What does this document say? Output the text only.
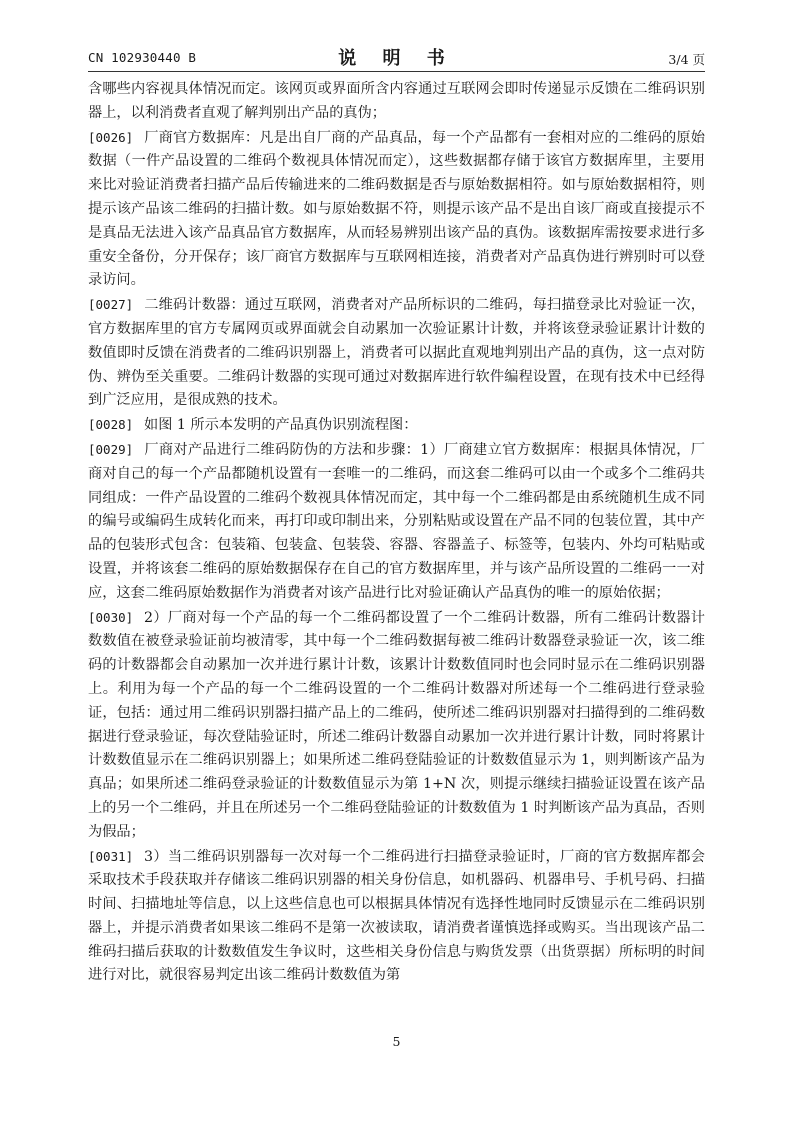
CN 102930440 B	说 明 书	3/4 页

含哪些内容视具体情况而定。该网页或界面所含内容通过互联网会即时传递显示反馈在二维码识别器上，以利消费者直观了解判别出产品的真伪；

[0026] 厂商官方数据库：凡是出自厂商的产品真品，每一个产品都有一套相对应的二维码的原始数据（一件产品设置的二维码个数视具体情况而定），这些数据都存储于该官方数据库里，主要用来比对验证消费者扫描产品后传输进来的二维码数据是否与原始数据相符。如与原始数据相符，则提示该产品该二维码的扫描计数。如与原始数据不符，则提示该产品不是出自该厂商或直接提示不是真品无法进入该产品真品官方数据库，从而轻易辨别出该产品的真伪。该数据库需按要求进行多重安全备份，分开保存；该厂商官方数据库与互联网相连接，消费者对产品真伪进行辨别时可以登录访问。

[0027] 二维码计数器：通过互联网，消费者对产品所标识的二维码，每扫描登录比对验证一次，官方数据库里的官方专属网页或界面就会自动累加一次验证累计计数，并将该登录验证累计计数的数值即时反馈在消费者的二维码识别器上，消费者可以据此直观地判别出产品的真伪，这一点对防伪、辨伪至关重要。二维码计数器的实现可通过对数据库进行软件编程设置，在现有技术中已经得到广泛应用，是很成熟的技术。

[0028] 如图 1 所示本发明的产品真伪识别流程图：

[0029] 厂商对产品进行二维码防伪的方法和步骤：1）厂商建立官方数据库：根据具体情况，厂商对自己的每一个产品都随机设置有一套唯一的二维码，而这套二维码可以由一个或多个二维码共同组成：一件产品设置的二维码个数视具体情况而定，其中每一个二维码都是由系统随机生成不同的编号或编码生成转化而来，再打印或印制出来，分别粘贴或设置在产品不同的包装位置，其中产品的包装形式包含：包装箱、包装盒、包装袋、容器、容器盖子、标签等，包装内、外均可粘贴或设置，并将该套二维码的原始数据保存在自己的官方数据库里，并与该产品所设置的二维码一一对应，这套二维码原始数据作为消费者对该产品进行比对验证确认产品真伪的唯一的原始依据；

[0030] 2）厂商对每一个产品的每一个二维码都设置了一个二维码计数器，所有二维码计数器计数数值在被登录验证前均被清零，其中每一个二维码数据每被二维码计数器登录验证一次，该二维码的计数器都会自动累加一次并进行累计计数，该累计计数数值同时也会同时显示在二维码识别器上。利用为每一个产品的每一个二维码设置的一个二维码计数器对所述每一个二维码进行登录验证，包括：通过用二维码识别器扫描产品上的二维码，使所述二维码识别器对扫描得到的二维码数据进行登录验证，每次登陆验证时，所述二维码计数器自动累加一次并进行累计计数，同时将累计计数数值显示在二维码识别器上；如果所述二维码登陆验证的计数数值显示为 1，则判断该产品为真品；如果所述二维码登录验证的计数数值显示为第 1+N 次，则提示继续扫描验证设置在该产品上的另一个二维码，并且在所述另一个二维码登陆验证的计数数值为 1 时判断该产品为真品，否则为假品；

[0031] 3）当二维码识别器每一次对每一个二维码进行扫描登录验证时，厂商的官方数据库都会采取技术手段获取并存储该二维码识别器的相关身份信息，如机器码、机器串号、手机号码、扫描时间、扫描地址等信息，以上这些信息也可以根据具体情况有选择性地同时反馈显示在二维码识别器上，并提示消费者如果该二维码不是第一次被读取，请消费者谨慎选择或购买。当出现该产品二维码扫描后获取的计数数值发生争议时，这些相关身份信息与购货发票（出货票据）所标明的时间进行对比，就很容易判定出该二维码计数数值为第

5
